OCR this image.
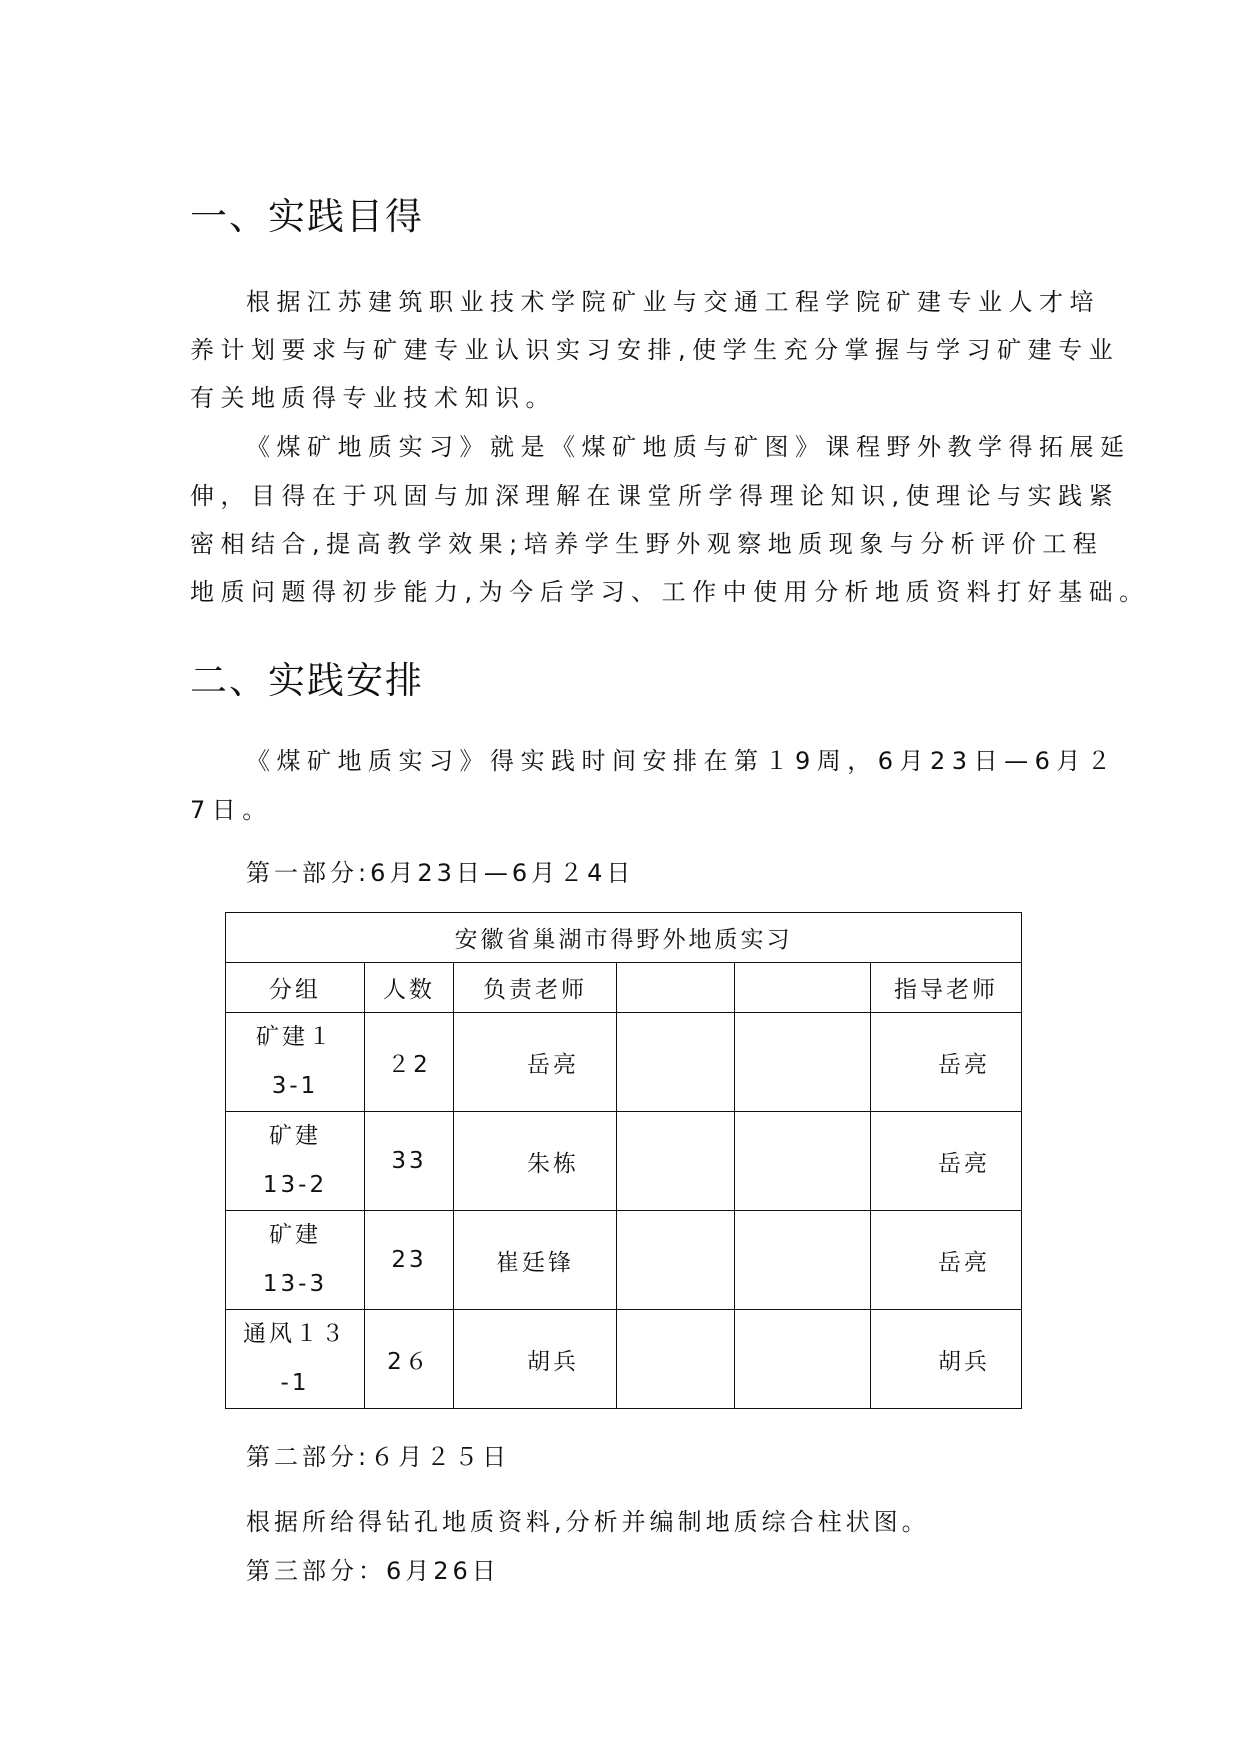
一、实践目得
根据江苏建筑职业技术学院矿业与交通工程学院矿建专业人才培
养计划要求与矿建专业认识实习安排,使学生充分掌握与学习矿建专业
有关地质得专业技术知识。
《煤矿地质实习》就是《煤矿地质与矿图》课程野外教学得拓展延
伸，目得在于巩固与加深理解在课堂所学得理论知识,使理论与实践紧
密相结合,提高教学效果;培养学生野外观察地质现象与分析评价工程
地质问题得初步能力,为今后学习、工作中使用分析地质资料打好基础。
二、实践安排
《煤矿地质实习》得实践时间安排在第１9周，6月23日—6月２
7日。
第一部分:6月23日—6月２4日
安徽省巢湖市得野外地质实习					
分组	人数	负责老师			指导老师

矿建１
3-1	２2	岳亮			岳亮

矿建
13-2	33	朱栋			岳亮

矿建
13-3	23	崔廷锋			岳亮

通风１３
-1	2６	胡兵			胡兵
第二部分:６月２５日
根据所给得钻孔地质资料,分析并编制地质综合柱状图。
第三部分：6月26日
